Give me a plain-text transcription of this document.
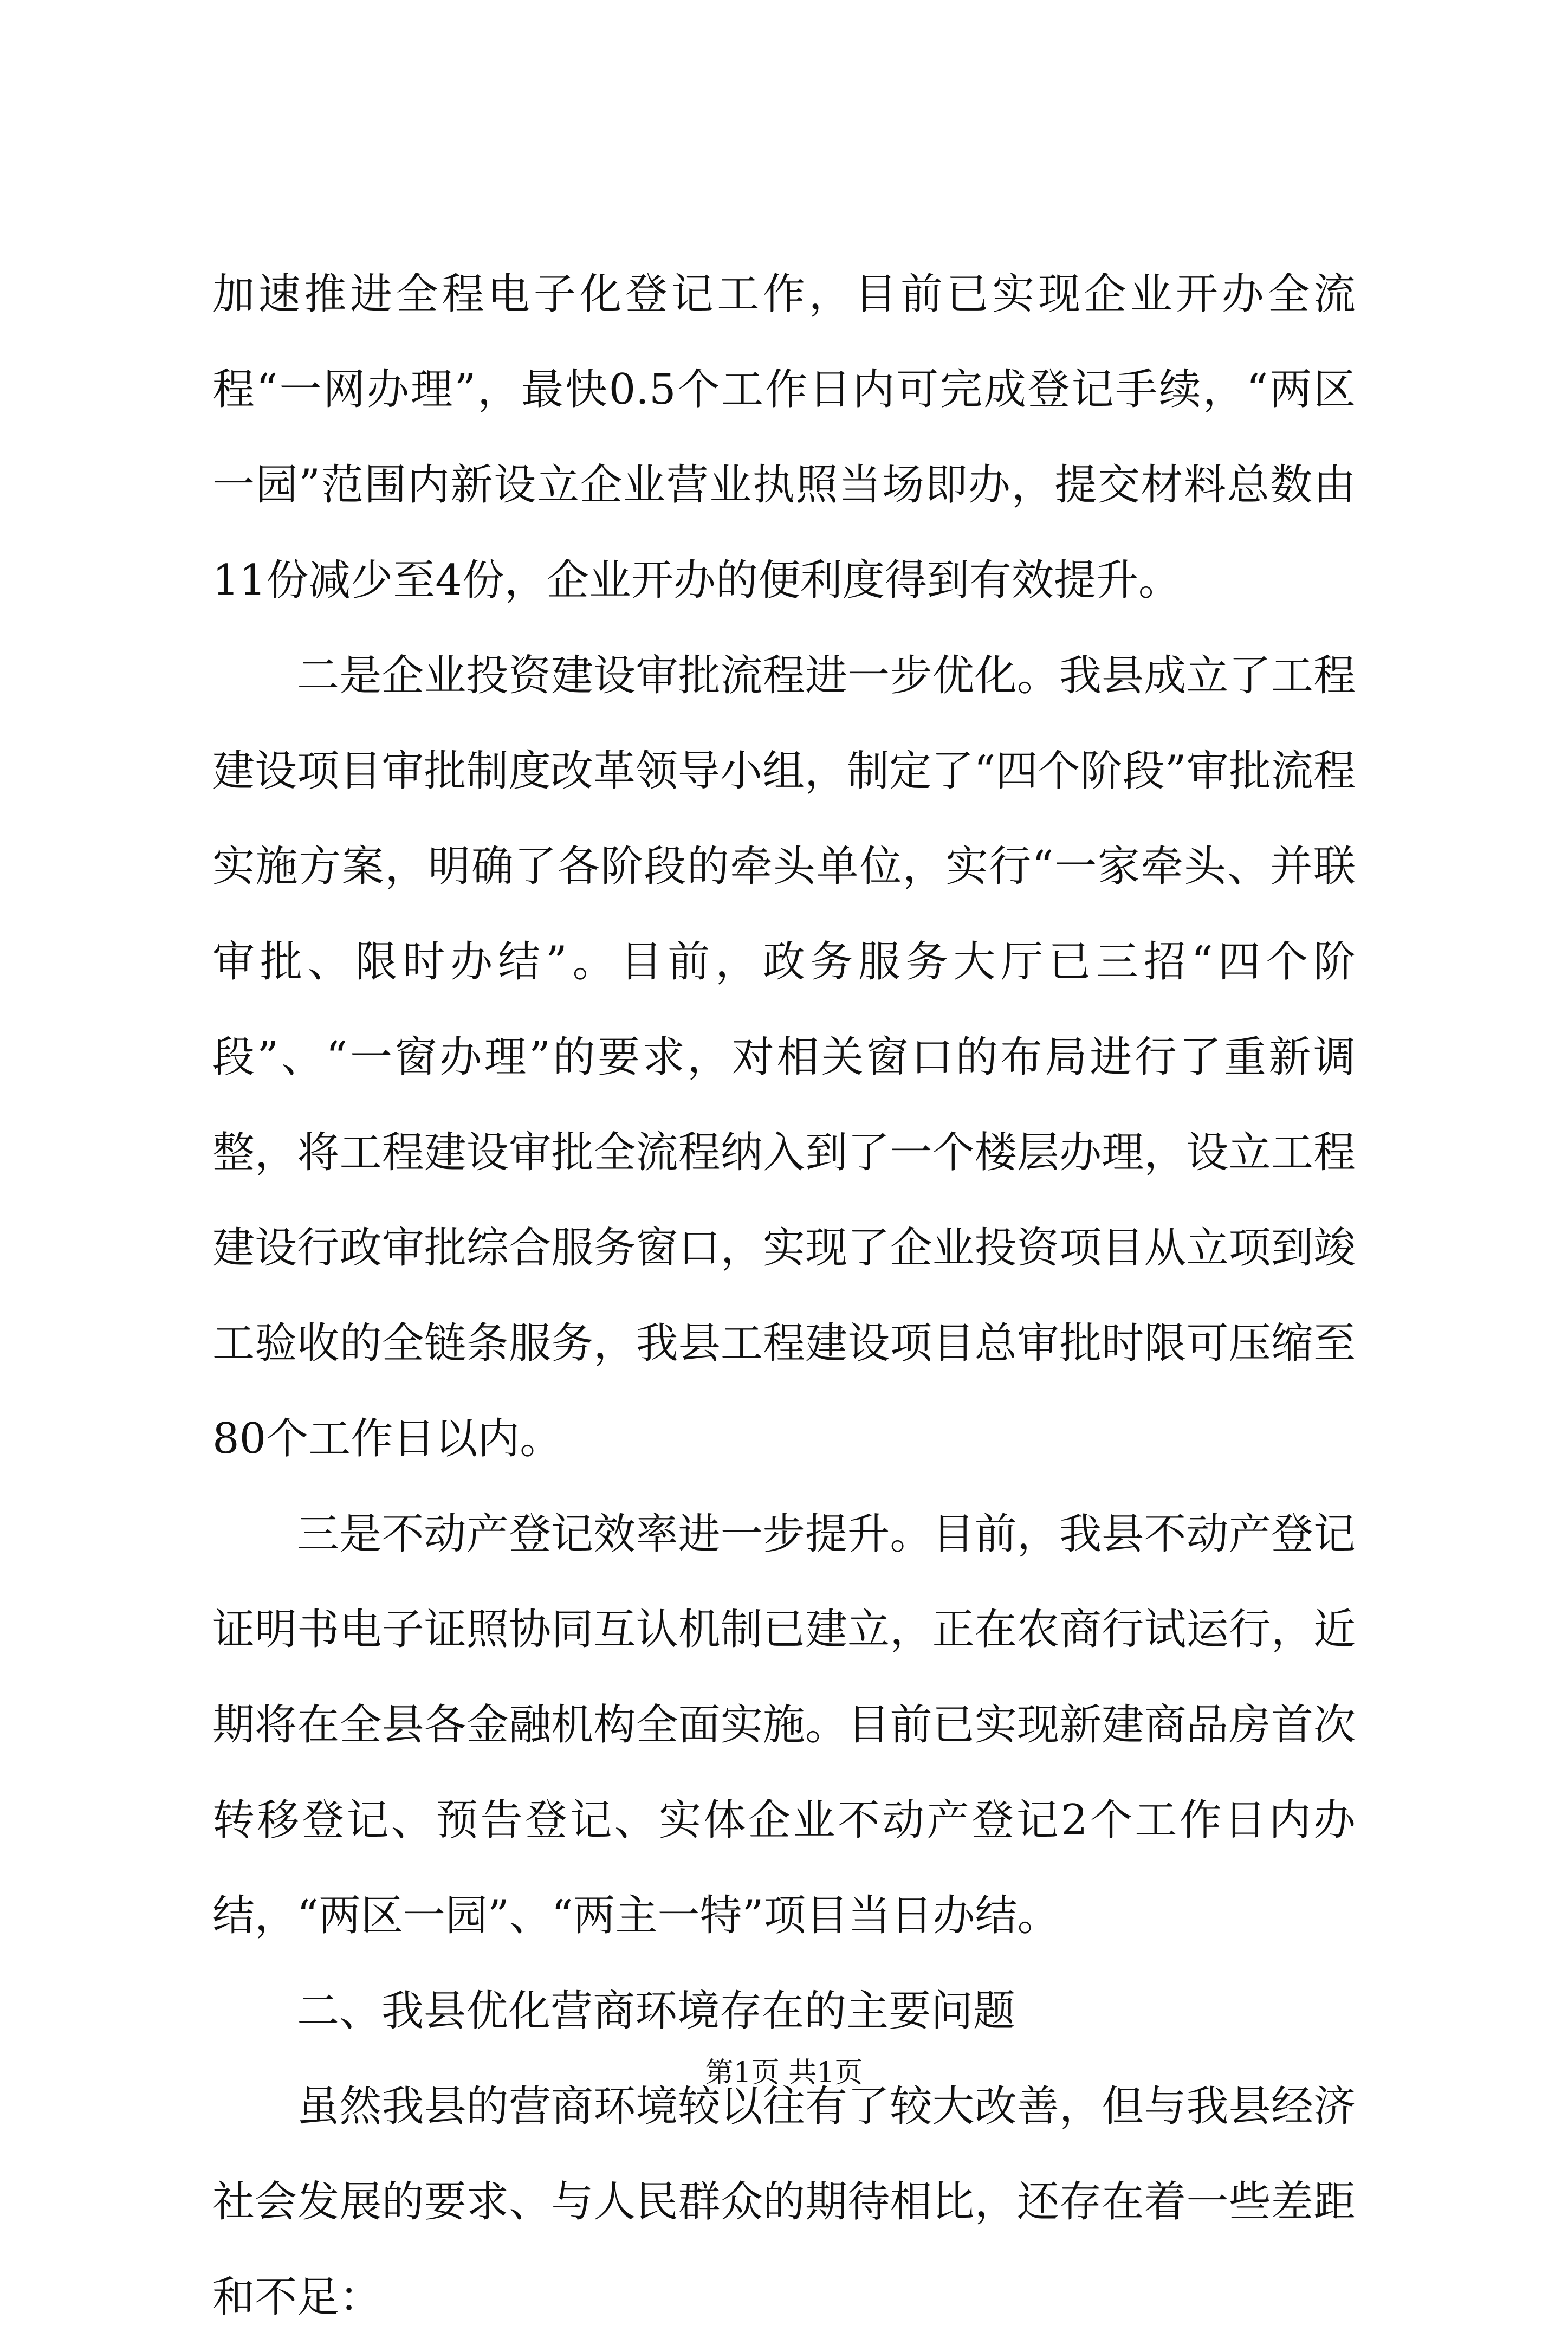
加速推进全程电子化登记工作，目前已实现企业开办全流程“一网办理”，最快0.5个工作日内可完成登记手续，“两区一园”范围内新设立企业营业执照当场即办，提交材料总数由11份减少至4份，企业开办的便利度得到有效提升。

二是企业投资建设审批流程进一步优化。我县成立了工程建设项目审批制度改革领导小组，制定了“四个阶段”审批流程实施方案，明确了各阶段的牵头单位，实行“一家牵头、并联审批、限时办结”。目前，政务服务大厅已三招“四个阶段”、“一窗办理”的要求，对相关窗口的布局进行了重新调整，将工程建设审批全流程纳入到了一个楼层办理，设立工程建设行政审批综合服务窗口，实现了企业投资项目从立项到竣工验收的全链条服务，我县工程建设项目总审批时限可压缩至80个工作日以内。

三是不动产登记效率进一步提升。目前，我县不动产登记证明书电子证照协同互认机制已建立，正在农商行试运行，近期将在全县各金融机构全面实施。目前已实现新建商品房首次转移登记、预告登记、实体企业不动产登记2个工作日内办结，“两区一园”、“两主一特”项目当日办结。

二、我县优化营商环境存在的主要问题

虽然我县的营商环境较以往有了较大改善，但与我县经济社会发展的要求、与人民群众的期待相比，还存在着一些差距和不足：

第1页 共1页
